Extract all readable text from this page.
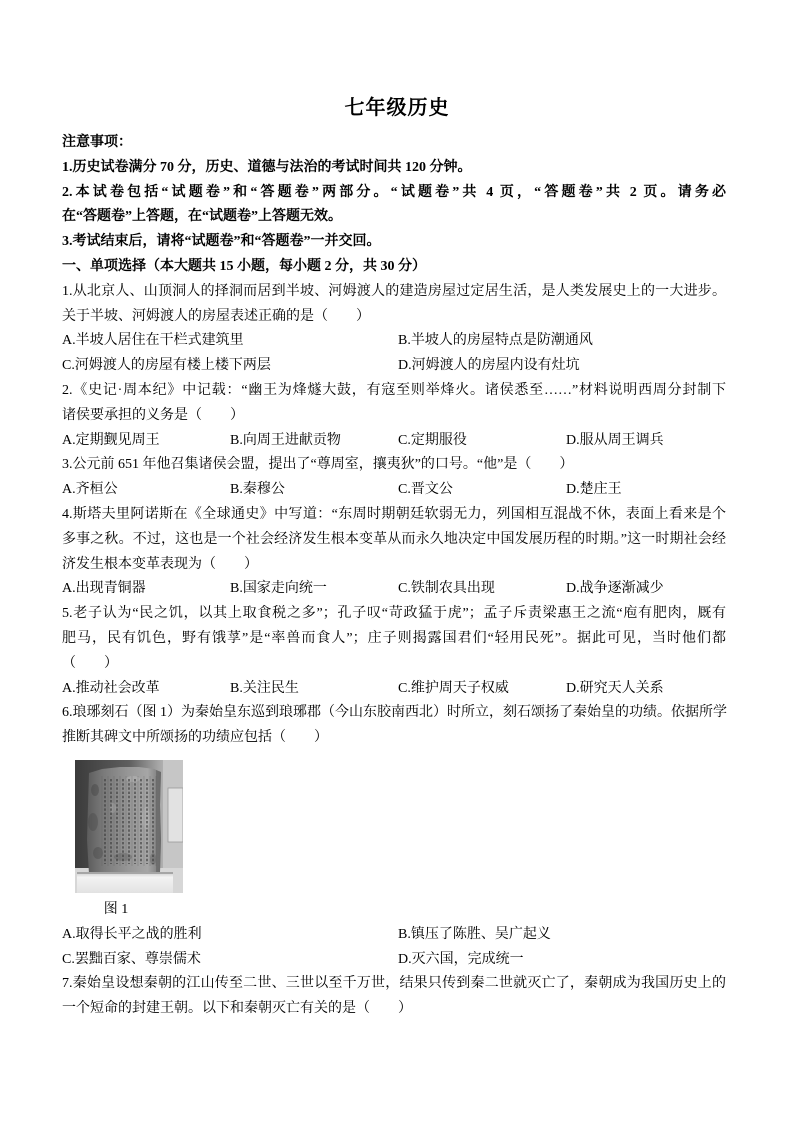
七年级历史
注意事项：
1.历史试卷满分 70 分，历史、道德与法治的考试时间共 120 分钟。
2.本试卷包括“试题卷”和“答题卷”两部分。“试题卷”共 4 页，“答题卷”共 2 页。请务必
在“答题卷”上答题，在“试题卷”上答题无效。
3.考试结束后，请将“试题卷”和“答题卷”一并交回。
一、单项选择（本大题共 15 小题，每小题 2 分，共 30 分）
1.从北京人、山顶洞人的择洞而居到半坡、河姆渡人的建造房屋过定居生活，是人类发展史上的一大进步。
关于半坡、河姆渡人的房屋表述正确的是（　　）
A.半坡人居住在干栏式建筑里	B.半坡人的房屋特点是防潮通风
C.河姆渡人的房屋有楼上楼下两层	D.河姆渡人的房屋内设有灶坑
2.《史记·周本纪》中记载：“幽王为烽燧大鼓，有寇至则举烽火。诸侯悉至……”材料说明西周分封制下
诸侯要承担的义务是（　　）
A.定期觐见周王	B.向周王进献贡物	C.定期服役	D.服从周王调兵
3.公元前 651 年他召集诸侯会盟，提出了“尊周室，攘夷狄”的口号。“他”是（　　）
A.齐桓公	B.秦穆公	C.晋文公	D.楚庄王
4.斯塔夫里阿诺斯在《全球通史》中写道：“东周时期朝廷软弱无力，列国相互混战不休，表面上看来是个
多事之秋。不过，这也是一个社会经济发生根本变革从而永久地决定中国发展历程的时期。”这一时期社会经
济发生根本变革表现为（　　）
A.出现青铜器	B.国家走向统一	C.铁制农具出现	D.战争逐渐减少
5.老子认为“民之饥，以其上取食税之多”；孔子叹“苛政猛于虎”；孟子斥责梁惠王之流“庖有肥肉，厩有
肥马，民有饥色，野有饿莩”是“率兽而食人”；庄子则揭露国君们“轻用民死”。据此可见，当时他们都
（　　）
A.推动社会改革	B.关注民生	C.维护周天子权威	D.研究天人关系
6.琅琊刻石（图 1）为秦始皇东巡到琅琊郡（今山东胶南西北）时所立，刻石颂扬了秦始皇的功绩。依据所学
推断其碑文中所颂扬的功绩应包括（　　）
图 1
A.取得长平之战的胜利	B.镇压了陈胜、吴广起义
C.罢黜百家、尊崇儒术	D.灭六国，完成统一
7.秦始皇设想秦朝的江山传至二世、三世以至千万世，结果只传到秦二世就灭亡了，秦朝成为我国历史上的
一个短命的封建王朝。以下和秦朝灭亡有关的是（　　）
